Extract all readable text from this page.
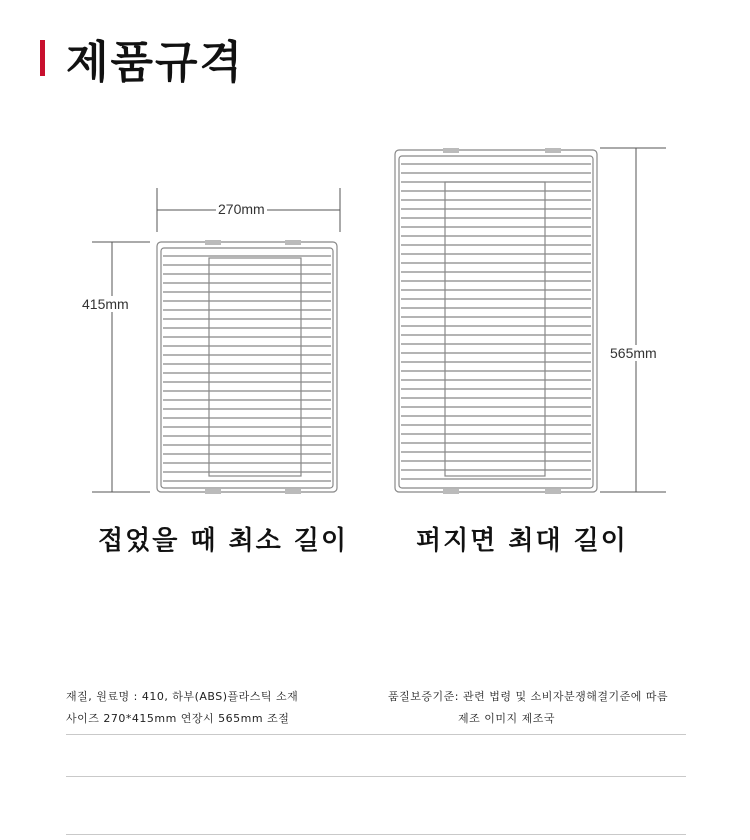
제품규격
270mm
415mm
565mm
접었을 때 최소 길이	퍼지면 최대 길이
재질, 원료명 : 410, 하부(ABS)플라스틱 소재
사이즈 270*415mm 연장시 565mm 조절
품질보증기준: 관련 법령 및 소비자분쟁해결기준에 따름
제조 이미지 제조국
